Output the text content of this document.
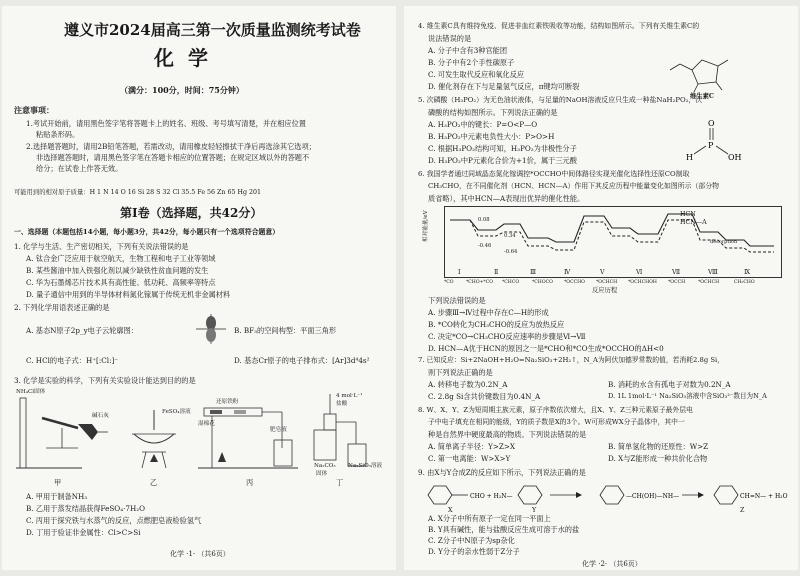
遵义市2024届高三第一次质量监测统考试卷
化学
（满分：100分，时间：75分钟）
注意事项：
1.考试开始前，请用黑色签字笔将答题卡上的姓名、班级、考号填写清楚，并在相应位置
粘贴条形码。
2.选择题答题时，请用2B铅笔答题，若需改动，请用橡皮轻轻擦拭干净后再选涂其它选项；
非选择题答题时，请用黑色签字笔在答题卡相应的位置答题；在规定区域以外的答题不
给分；在试卷上作答无效。
可能用到的相对原子质量：H 1 N 14 O 16 Si 28 S 32 Cl 35.5 Fe 56 Zn 65 Hg 201
第Ⅰ卷（选择题，共42分）
一、选择题（本题包括14小题，每小题3分，共42分，每小题只有一个选项符合题意）
1. 化学与生活、生产密切相关，下列有关说法错误的是
A. 钛合金广泛应用于航空航天，生物工程和电子工业等领域
B. 某些酱油中加入铁强化剂以减少缺铁性贫血问题的发生
C. 华为石墨烯芯片技术具有高性能、低功耗、高频率等特点
D. 量子通信中用到的半导体材料氮化镓属于传统无机非金属材料
2. 下列化学用语表述正确的是
A. 基态N原子2p_y电子云轮廓图：	B. BF₃的空间构型：平面三角形
C. HCl的电子式： H⁺[:Cl:]⁻	D. 基态Cr原子的电子排布式：[Ar]3d⁴4s²
3. 化学是实验的科学，下列有关实验设计能达到目的的是
NH₄Cl固体
碱石灰
FeSO₄溶液
还原铁粉
湿棉花
肥皂液
4 mol·L⁻¹
盐酸
Na₂CO₃ Na₂SiO₃溶液
固体
甲	乙	丙	丁
A. 甲用于制备NH₃
B. 乙用于蒸发结晶获得FeSO₄·7H₂O
C. 丙用于探究铁与水蒸气的反应，点燃肥皂液检验氢气
D. 丁用于验证非金属性：Cl>C>Si
化学 ·1· （共6页）
4. 维生素C具有维持免疫、促进非血红素铁吸收等功能，结构如图所示。下列有关维生素C的
说法错误的是
A. 分子中含有3种官能团
B. 分子中有2个手性碳原子
C. 可发生取代反应和氧化反应
D. 催化剂存在下与足量氢气反应，π键均可断裂
维生素C
5. 次磷酸（H₃PO₂）为无色油状液体，与足量的NaOH溶液反应只生成一种盐NaH₂PO₂，次
磷酸的结构如图所示。下列说法正确的是
A. H₃PO₂中的键长：P=O<P—O
B. H₃PO₂中元素电负性大小：P>O>H
C. 根据H₃PO₂结构可知，H₃PO₂为非极性分子
D. H₃PO₂中P元素化合价为+1价，属于三元酸
O
P
H	OH
6. 我国学者通过同域晶态氮化镓调控*OCCHO中间体路径实现光催化选择性还原CO制取
CH₃CHO，在不同催化剂（HCN、HCN—A）作用下其反应历程中能量变化如图所示（部分物
质省略），其中HCN—A表现出优异的催化性能。
相对能量/eV	HCN
HCN—A
0.08
0.34
-0.46
-0.64
desorption
Ⅰ	Ⅱ	Ⅲ	Ⅳ	Ⅴ	Ⅵ	Ⅶ	Ⅷ	Ⅸ
*CO	*CHO+*CO *CHCO	*CHOCO *OCCHO *OCHCH *OCHCHOH *OCCH	*OCHCH	CH₃CHO
反应历程
下列说法错误的是
A. 步骤Ⅲ→Ⅳ过程中存在C—H的形成
B. *CO转化为CH₃CHO的反应为放热反应
C. 决定*CO→CH₃CHO反应速率的步骤是Ⅵ→Ⅶ
D. HCN—A优于HCN的原因之一是*CHO和*CO生成*OCCHO的ΔH<0
7. 已知反应：Si+2NaOH+H₂O=Na₂SiO₃+2H₂↑，N_A为阿伏加德罗常数的值，若消耗2.8g Si，
则下列说法正确的是
A. 转移电子数为0.2N_A	B. 消耗的水含有孤电子对数为0.2N_A
C. 2.8g Si含共价键数目为0.4N_A	D. 1L 1mol·L⁻¹ Na₂SiO₃溶液中含SiO₃²⁻数目为N_A
8. W、X、Y、Z为短周期主族元素，原子序数依次增大，且X、Y、Z三种元素原子最外层电
子中电子填充在相同的能级，Y的质子数是X的3个。W可形成WX分子晶体中，其中一
种是自然界中硬度最高的物质。下列说法错误的是
A. 简单离子半径：Y>Z>X	B. 简单氢化物的还原性：W>Z
C. 第一电离能：W>X>Y	D. X与Z能形成一种共价化合物
9. 由X与Y合成Z的反应如下所示，下列说法正确的是
CHO + H₂N—	—CH(OH)—NH—	CH=N— + H₂O
X	Y	Z
A. X分子中所有原子一定在同一平面上
B. Y具有碱性，能与盐酸反应生成可溶于水的盐
C. Z分子中N原子为sp杂化
D. Y分子的亲水性弱于Z分子
化学 ·2· （共6页）
